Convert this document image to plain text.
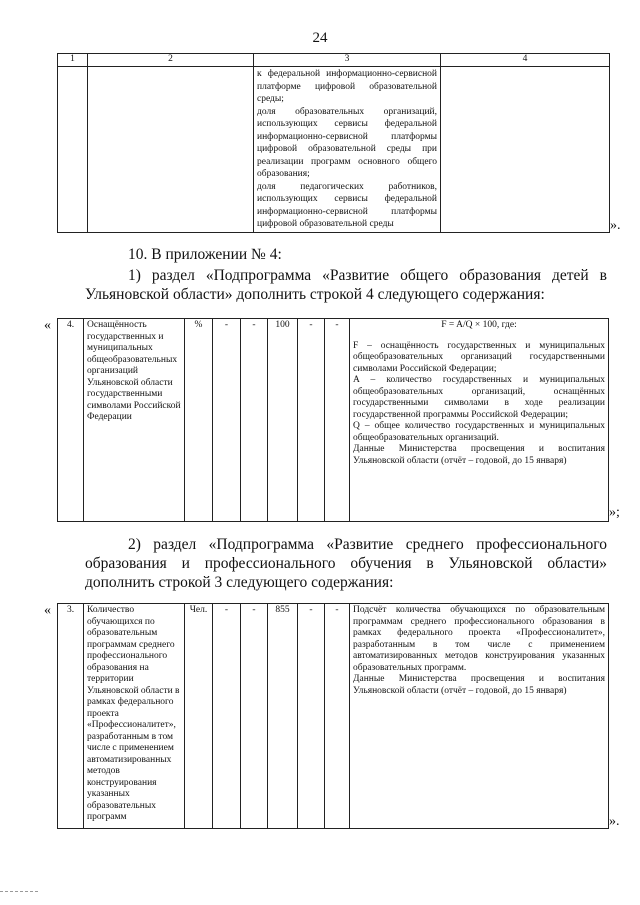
24
1	2	3	4
		к федеральной информационно-сервисной платформе цифровой образовательной среды;
доля образовательных организаций, использующих сервисы федеральной информационно-сервисной платформы цифровой образовательной среды при реализации программ основного общего образования;
доля педагогических работников, использующих сервисы федеральной информационно-сервисной платформы цифровой образовательной среды		».
10. В приложении № 4:
1) раздел «Подпрограмма «Развитие общего образования детей в Ульяновской области» дополнить строкой 4 следующего содержания:
« 4.	Оснащённость государственных и муниципальных общеобразовательных организаций Ульяновской области государственными символами Российской Федерации	%	-	-	100	-	-	F = A/Q × 100, где:
F – оснащённость государственных и муниципальных общеобразовательных организаций государственными символами Российской Федерации;
A – количество государственных и муниципальных общеобразовательных организаций, оснащённых государственными символами в ходе реализации государственной программы Российской Федерации;
Q – общее количество государственных и муниципальных общеобразовательных организаций.
Данные Министерства просвещения и воспитания Ульяновской области (отчёт – годовой, до 15 января)
»;
2) раздел «Подпрограмма «Развитие среднего профессионального образования и профессионального обучения в Ульяновской области» дополнить строкой 3 следующего содержания:
« 3.	Количество обучающихся по образовательным программам среднего профессионального образования на территории Ульяновской области в рамках федерального проекта «Профессионалитет», разработанным в том числе с применением автоматизированных методов конструирования указанных образовательных программ	Чел.	-	-	855	-	-	Подсчёт количества обучающихся по образовательным программам среднего профессионального образования в рамках федерального проекта «Профессионалитет», разработанным в том числе с применением автоматизированных методов конструирования указанных образовательных программ.
Данные Министерства просвещения и воспитания Ульяновской области (отчёт – годовой, до 15 января)
».
